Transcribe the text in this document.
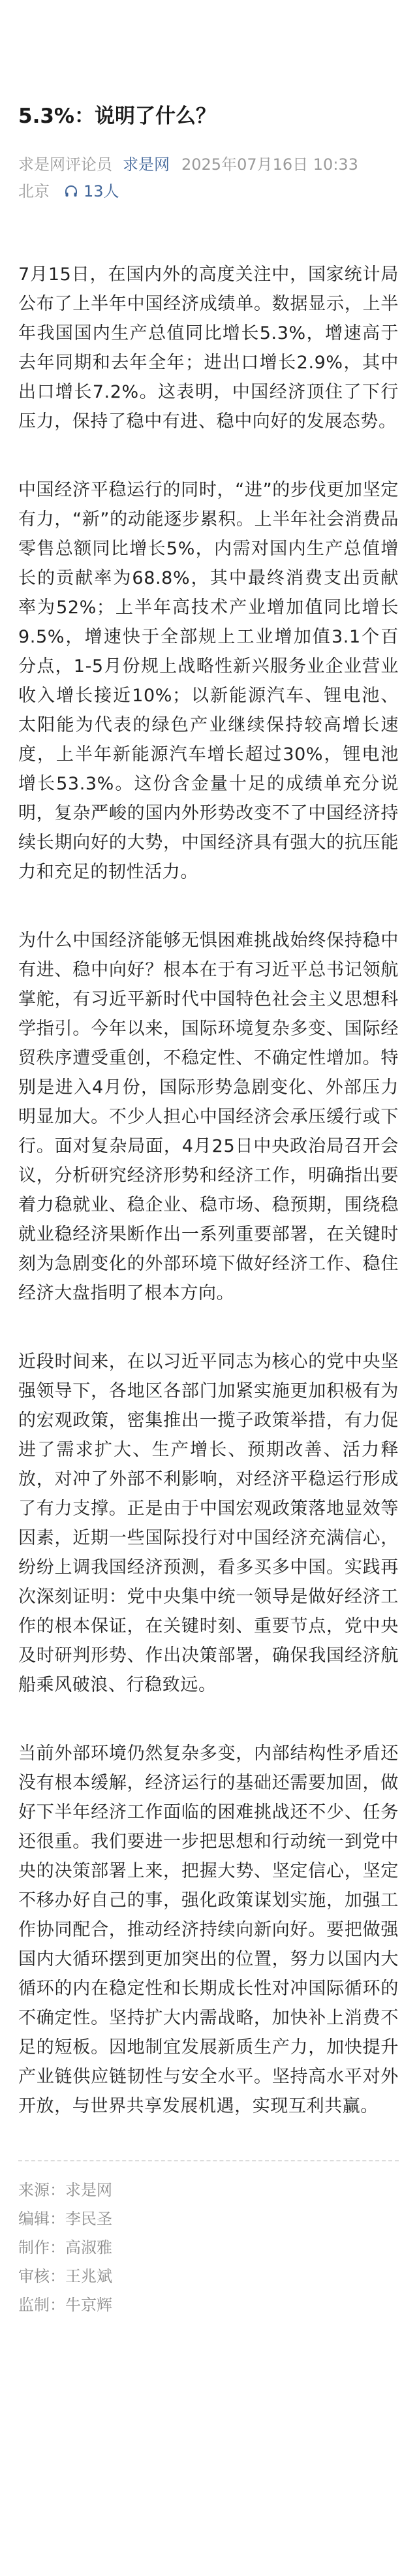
5.3%：说明了什么？
求是网评论员 求是网 2025年07月16日 10:33
北京 13人

7月15日，在国内外的高度关注中，国家统计局公布了上半年中国经济成绩单。数据显示，上半年我国国内生产总值同比增长5.3%，增速高于去年同期和去年全年；进出口增长2.9%，其中出口增长7.2%。这表明，中国经济顶住了下行压力，保持了稳中有进、稳中向好的发展态势。

中国经济平稳运行的同时，“进”的步伐更加坚定有力，“新”的动能逐步累积。上半年社会消费品零售总额同比增长5%，内需对国内生产总值增长的贡献率为68.8%，其中最终消费支出贡献率为52%；上半年高技术产业增加值同比增长9.5%，增速快于全部规上工业增加值3.1个百分点，1-5月份规上战略性新兴服务业企业营业收入增长接近10%；以新能源汽车、锂电池、太阳能为代表的绿色产业继续保持较高增长速度，上半年新能源汽车增长超过30%，锂电池增长53.3%。这份含金量十足的成绩单充分说明，复杂严峻的国内外形势改变不了中国经济持续长期向好的大势，中国经济具有强大的抗压能力和充足的韧性活力。

为什么中国经济能够无惧困难挑战始终保持稳中有进、稳中向好？根本在于有习近平总书记领航掌舵，有习近平新时代中国特色社会主义思想科学指引。今年以来，国际环境复杂多变、国际经贸秩序遭受重创，不稳定性、不确定性增加。特别是进入4月份，国际形势急剧变化、外部压力明显加大。不少人担心中国经济会承压缓行或下行。面对复杂局面，4月25日中央政治局召开会议，分析研究经济形势和经济工作，明确指出要着力稳就业、稳企业、稳市场、稳预期，围绕稳就业稳经济果断作出一系列重要部署，在关键时刻为急剧变化的外部环境下做好经济工作、稳住经济大盘指明了根本方向。

近段时间来，在以习近平同志为核心的党中央坚强领导下，各地区各部门加紧实施更加积极有为的宏观政策，密集推出一揽子政策举措，有力促进了需求扩大、生产增长、预期改善、活力释放，对冲了外部不利影响，对经济平稳运行形成了有力支撑。正是由于中国宏观政策落地显效等因素，近期一些国际投行对中国经济充满信心，纷纷上调我国经济预测，看多买多中国。实践再次深刻证明：党中央集中统一领导是做好经济工作的根本保证，在关键时刻、重要节点，党中央及时研判形势、作出决策部署，确保我国经济航船乘风破浪、行稳致远。

当前外部环境仍然复杂多变，内部结构性矛盾还没有根本缓解，经济运行的基础还需要加固，做好下半年经济工作面临的困难挑战还不少、任务还很重。我们要进一步把思想和行动统一到党中央的决策部署上来，把握大势、坚定信心，坚定不移办好自己的事，强化政策谋划实施，加强工作协同配合，推动经济持续向新向好。要把做强国内大循环摆到更加突出的位置，努力以国内大循环的内在稳定性和长期成长性对冲国际循环的不确定性。坚持扩大内需战略，加快补上消费不足的短板。因地制宜发展新质生产力，加快提升产业链供应链韧性与安全水平。坚持高水平对外开放，与世界共享发展机遇，实现互利共赢。

来源：求是网
编辑：李民圣
制作：高淑雅
审核：王兆斌
监制：牛京辉
